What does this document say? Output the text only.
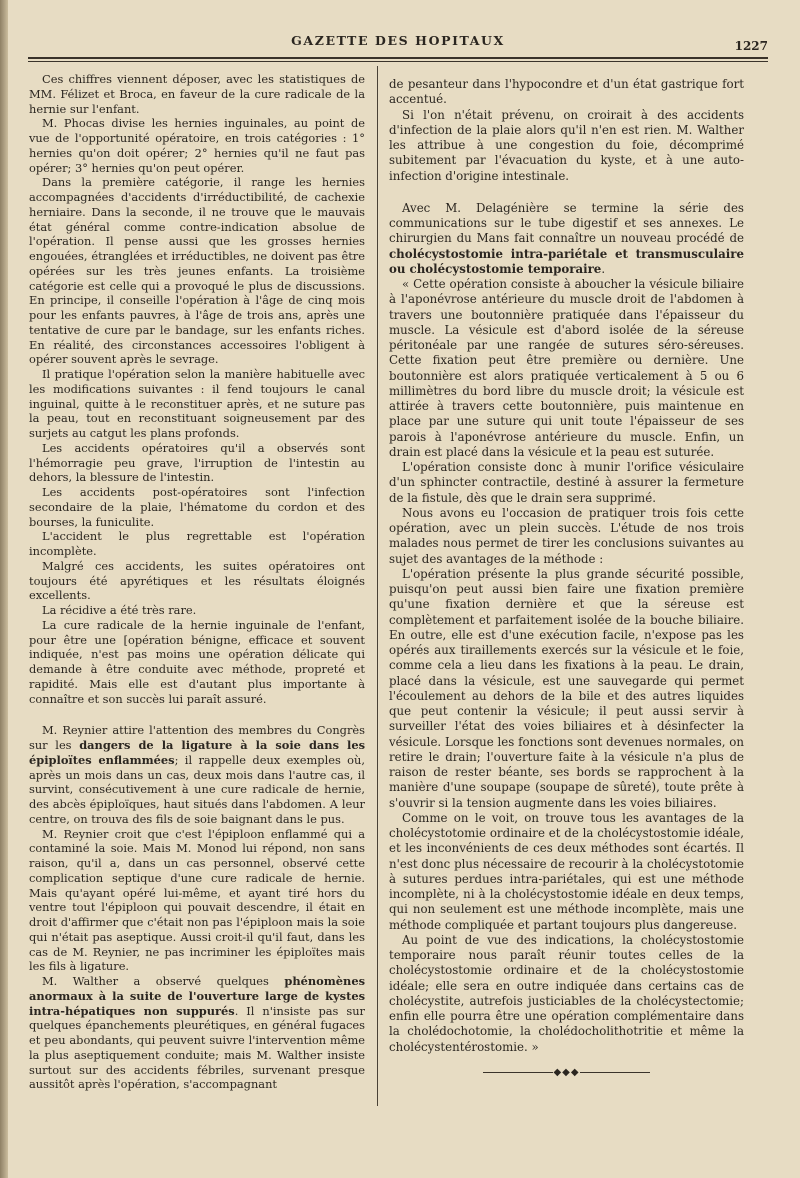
GAZETTE DES HOPITAUX	1227

Ces chiffres viennent déposer, avec les statistiques de MM. Félizet et Broca, en faveur de la cure radicale de la hernie sur l'enfant.

M. Phocas divise les hernies inguinales, au point de vue de l'opportunité opératoire, en trois catégories : 1° hernies qu'on doit opérer; 2° hernies qu'il ne faut pas opérer; 3° hernies qu'on peut opérer.

Dans la première catégorie, il range les hernies accompagnées d'accidents d'irréductibilité, de cachexie herniaire. Dans la seconde, il ne trouve que le mauvais état général comme contre-indication absolue de l'opération. Il pense aussi que les grosses hernies engouées, étranglées et irréductibles, ne doivent pas être opérées sur les très jeunes enfants. La troisième catégorie est celle qui a provoqué le plus de discussions. En principe, il conseille l'opération à l'âge de cinq mois pour les enfants pauvres, à l'âge de trois ans, après une tentative de cure par le bandage, sur les enfants riches. En réalité, des circonstances accessoires l'obligent à opérer souvent après le sevrage.

Il pratique l'opération selon la manière habituelle avec les modifications suivantes : il fend toujours le canal inguinal, quitte à le reconstituer après, et ne suture pas la peau, tout en reconstituant soigneusement par des surjets au catgut les plans profonds.

Les accidents opératoires qu'il a observés sont l'hémorragie peu grave, l'irruption de l'intestin au dehors, la blessure de l'intestin.

Les accidents post-opératoires sont l'infection secondaire de la plaie, l'hématome du cordon et des bourses, la funiculite.

L'accident le plus regrettable est l'opération incomplète.

Malgré ces accidents, les suites opératoires ont toujours été apyrétiques et les résultats éloignés excellents.

La récidive a été très rare.

La cure radicale de la hernie inguinale de l'enfant, pour être une [opération bénigne, efficace et souvent indiquée, n'est pas moins une opération délicate qui demande à être conduite avec méthode, propreté et rapidité. Mais elle est d'autant plus importante à connaître et son succès lui paraît assuré.

M. Reynier attire l'attention des membres du Congrès sur les dangers de la ligature à la soie dans les épiploïtes enflammées; il rappelle deux exemples où, après un mois dans un cas, deux mois dans l'autre cas, il survint, consécutivement à une cure radicale de hernie, des abcès épiploïques, haut situés dans l'abdomen. A leur centre, on trouva des fils de soie baignant dans le pus.

M. Reynier croit que c'est l'épiploon enflammé qui a contaminé la soie. Mais M. Monod lui répond, non sans raison, qu'il a, dans un cas personnel, observé cette complication septique d'une cure radicale de hernie. Mais qu'ayant opéré lui-même, et ayant tiré hors du ventre tout l'épiploon qui pouvait descendre, il était en droit d'affirmer que c'était non pas l'épiploon mais la soie qui n'était pas aseptique. Aussi croit-il qu'il faut, dans les cas de M. Reynier, ne pas incriminer les épiploïtes mais les fils à ligature.

M. Walther a observé quelques phénomènes anormaux à la suite de l'ouverture large de kystes intra-hépatiques non suppurés. Il n'insiste pas sur quelques épanchements pleurétiques, en général fugaces et peu abondants, qui peuvent suivre l'intervention même la plus aseptiquement conduite; mais M. Walther insiste surtout sur des accidents fébriles, survenant presque aussitôt après l'opération, s'accompagnant

de pesanteur dans l'hypocondre et d'un état gastrique fort accentué.

Si l'on n'était prévenu, on croirait à des accidents d'infection de la plaie alors qu'il n'en est rien. M. Walther les attribue à une congestion du foie, décomprimé subitement par l'évacuation du kyste, et à une auto-infection d'origine intestinale.

Avec M. Delagénière se termine la série des communications sur le tube digestif et ses annexes. Le chirurgien du Mans fait connaître un nouveau procédé de cholécystostomie intra-pariétale et transmusculaire ou cholécystostomie temporaire.

« Cette opération consiste à aboucher la vésicule biliaire à l'aponévrose antérieure du muscle droit de l'abdomen à travers une boutonnière pratiquée dans l'épaisseur du muscle. La vésicule est d'abord isolée de la séreuse péritonéale par une rangée de sutures séro-séreuses. Cette fixation peut être première ou dernière. Une boutonnière est alors pratiquée verticalement à 5 ou 6 millimètres du bord libre du muscle droit; la vésicule est attirée à travers cette boutonnière, puis maintenue en place par une suture qui unit toute l'épaisseur de ses parois à l'aponévrose antérieure du muscle. Enfin, un drain est placé dans la vésicule et la peau est suturée.

L'opération consiste donc à munir l'orifice vésiculaire d'un sphincter contractile, destiné à assurer la fermeture de la fistule, dès que le drain sera supprimé.

Nous avons eu l'occasion de pratiquer trois fois cette opération, avec un plein succès. L'étude de nos trois malades nous permet de tirer les conclusions suivantes au sujet des avantages de la méthode :

L'opération présente la plus grande sécurité possible, puisqu'on peut aussi bien faire une fixation première qu'une fixation dernière et que la séreuse est complètement et parfaitement isolée de la bouche biliaire. En outre, elle est d'une exécution facile, n'expose pas les opérés aux tiraillements exercés sur la vésicule et le foie, comme cela a lieu dans les fixations à la peau. Le drain, placé dans la vésicule, est une sauvegarde qui permet l'écoulement au dehors de la bile et des autres liquides que peut contenir la vésicule; il peut aussi servir à surveiller l'état des voies biliaires et à désinfecter la vésicule. Lorsque les fonctions sont devenues normales, on retire le drain; l'ouverture faite à la vésicule n'a plus de raison de rester béante, ses bords se rapprochent à la manière d'une soupape (soupape de sûreté), toute prête à s'ouvrir si la tension augmente dans les voies biliaires.

Comme on le voit, on trouve tous les avantages de la cholécystotomie ordinaire et de la cholécystostomie idéale, et les inconvénients de ces deux méthodes sont écartés. Il n'est donc plus nécessaire de recourir à la cholécystotomie à sutures perdues intra-pariétales, qui est une méthode incomplète, ni à la cholécystostomie idéale en deux temps, qui non seulement est une méthode incomplète, mais une méthode compliquée et partant toujours plus dangereuse.

Au point de vue des indications, la cholécystostomie temporaire nous paraît réunir toutes celles de la cholécystostomie ordinaire et de la cholécystostomie idéale; elle sera en outre indiquée dans certains cas de cholécystite, autrefois justiciables de la cholécystectomie; enfin elle pourra être une opération complémentaire dans la cholédochotomie, la cholédocholithotritie et même la cholécystentérostomie. »

◆◆◆
